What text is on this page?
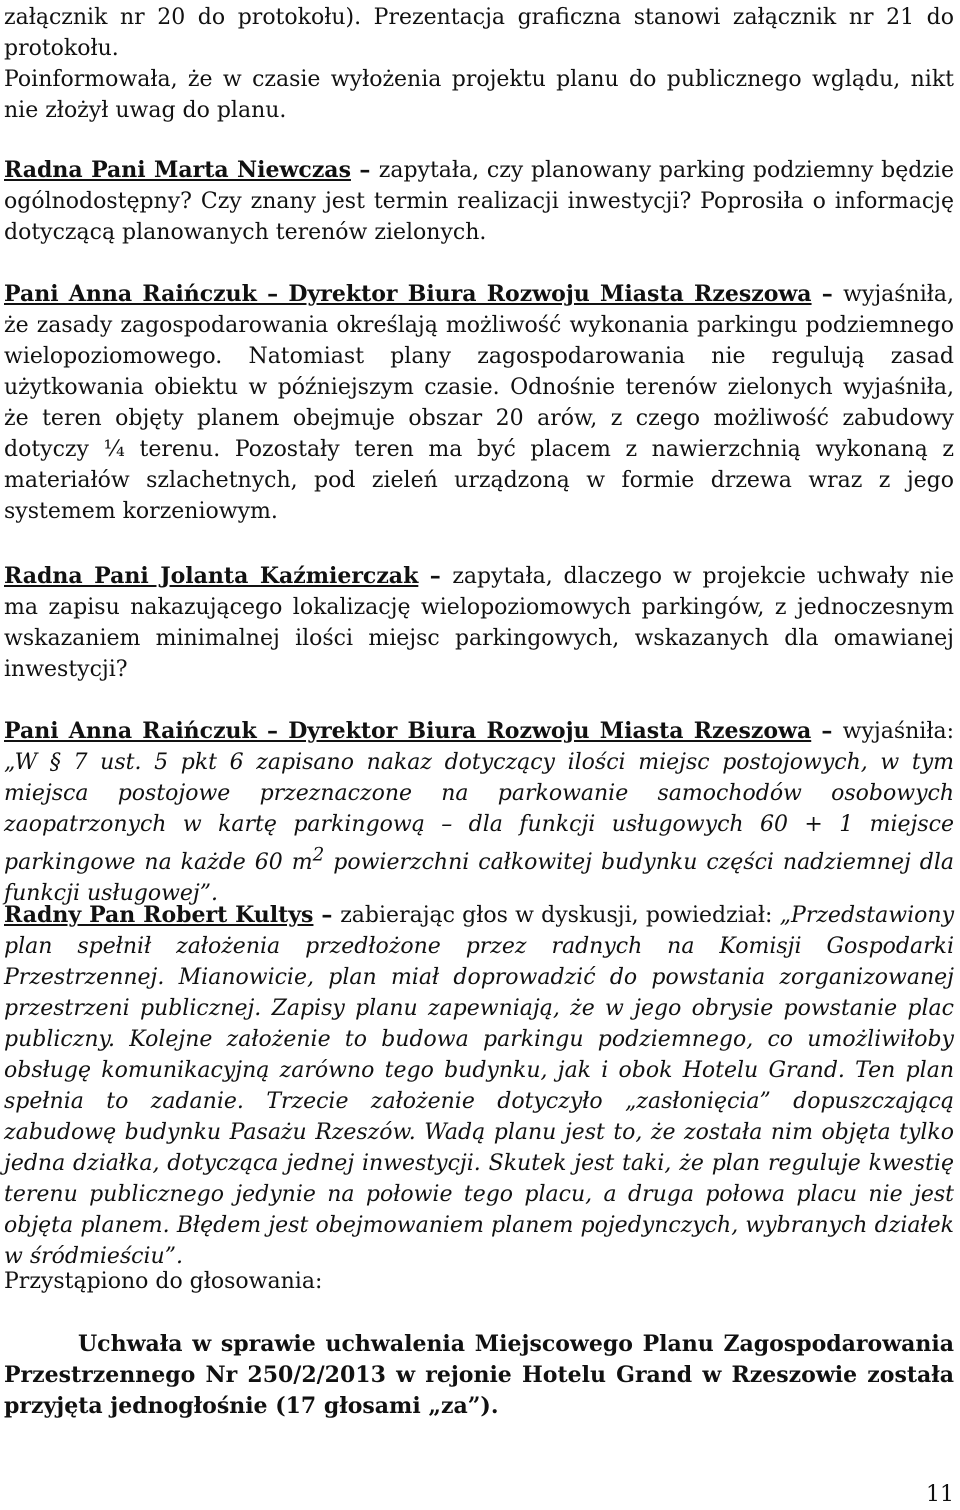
załącznik nr 20 do protokołu). Prezentacja graficzna stanowi załącznik nr 21 do protokołu.
Poinformowała, że w czasie wyłożenia projektu planu do publicznego wglądu, nikt nie złożył uwag do planu.

Radna Pani Marta Niewczas – zapytała, czy planowany parking podziemny będzie ogólnodostępny? Czy znany jest termin realizacji inwestycji? Poprosiła o informację dotyczącą planowanych terenów zielonych.

Pani Anna Raińczuk – Dyrektor Biura Rozwoju Miasta Rzeszowa – wyjaśniła, że zasady zagospodarowania określają możliwość wykonania parkingu podziemnego wielopoziomowego. Natomiast plany zagospodarowania nie regulują zasad użytkowania obiektu w późniejszym czasie. Odnośnie terenów zielonych wyjaśniła, że teren objęty planem obejmuje obszar 20 arów, z czego możliwość zabudowy dotyczy ¼ terenu. Pozostały teren ma być placem z nawierzchnią wykonaną z materiałów szlachetnych, pod zieleń urządzoną w formie drzewa wraz z jego systemem korzeniowym.

Radna Pani Jolanta Kaźmierczak – zapytała, dlaczego w projekcie uchwały nie ma zapisu nakazującego lokalizację wielopoziomowych parkingów, z jednoczesnym wskazaniem minimalnej ilości miejsc parkingowych, wskazanych dla omawianej inwestycji?

Pani Anna Raińczuk – Dyrektor Biura Rozwoju Miasta Rzeszowa – wyjaśniła: „W § 7 ust. 5 pkt 6 zapisano nakaz dotyczący ilości miejsc postojowych, w tym miejsca postojowe przeznaczone na parkowanie samochodów osobowych zaopatrzonych w kartę parkingową – dla funkcji usługowych 60 + 1 miejsce parkingowe na każde 60 $m^2$ powierzchni całkowitej budynku części nadziemnej dla funkcji usługowej”.

Radny Pan Robert Kultys – zabierając głos w dyskusji, powiedział: „Przedstawiony plan spełnił założenia przedłożone przez radnych na Komisji Gospodarki Przestrzennej. Mianowicie, plan miał doprowadzić do powstania zorganizowanej przestrzeni publicznej. Zapisy planu zapewniają, że w jego obrysie powstanie plac publiczny. Kolejne założenie to budowa parkingu podziemnego, co umożliwiłoby obsługę komunikacyjną zarówno tego budynku, jak i obok Hotelu Grand. Ten plan spełnia to zadanie. Trzecie założenie dotyczyło „zasłonięcia” dopuszczającą zabudowę budynku Pasażu Rzeszów. Wadą planu jest to, że została nim objęta tylko jedna działka, dotycząca jednej inwestycji. Skutek jest taki, że plan reguluje kwestię terenu publicznego jedynie na połowie tego placu, a druga połowa placu nie jest objęta planem. Błędem jest obejmowaniem planem pojedynczych, wybranych działek w śródmieściu”.

Przystąpiono do głosowania:

Uchwała w sprawie uchwalenia Miejscowego Planu Zagospodarowania Przestrzennego Nr 250/2/2013 w rejonie Hotelu Grand w Rzeszowie została przyjęta jednogłośnie (17 głosami „za”).

11
